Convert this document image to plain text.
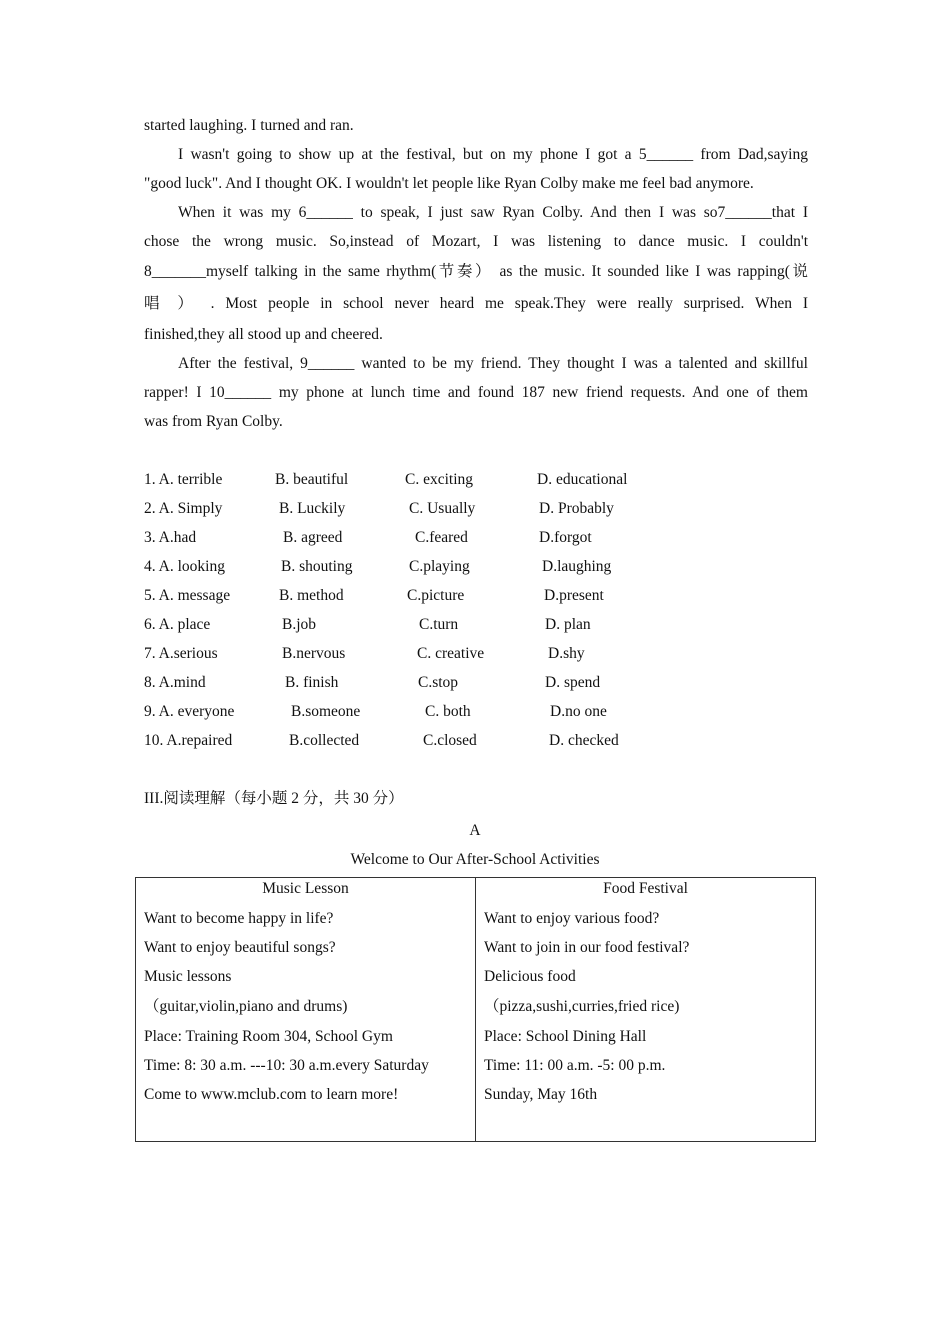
started laughing. I turned and ran.
I wasn't going to show up at the festival, but on my phone I got a 5______ from Dad,saying
"good luck". And I thought OK. I wouldn't let people like Ryan Colby make me feel bad anymore.
When it was my 6______ to speak, I just saw Ryan Colby. And then I was so7______that I
chose the wrong music. So,instead of Mozart, I was listening to dance music. I couldn't
8_______myself talking in the same rhythm(节奏） as the music. It sounded like I was rapping(说
唱 ） . Most people in school never heard me speak.They were really surprised. When I
finished,they all stood up and cheered.
After the festival, 9______ wanted to be my friend. They thought I was a talented and skillful
rapper! I 10______ my phone at lunch time and found 187 new friend requests. And one of them
was from Ryan Colby.
1. A. terrible	B. beautiful	C. exciting	D. educational
2. A. Simply	B. Luckily	C. Usually	D. Probably
3. A.had	B. agreed	C.feared	D.forgot
4. A. looking	B. shouting	C.playing	D.laughing
5. A. message	B. method	C.picture	D.present
6. A. place	B.job	C.turn	D. plan
7. A.serious	B.nervous	C. creative	D.shy
8. A.mind	B. finish	C.stop	D. spend
9. A. everyone	B.someone	C. both	D.no one
10. A.repaired	B.collected	C.closed	D. checked
III.阅读理解（每小题 2 分，共 30 分）
A
Welcome to Our After-School Activities
Music Lesson
Want to become happy in life?
Want to enjoy beautiful songs?
Music lessons
（guitar,violin,piano and drums)
Place: Training Room 304, School Gym
Time: 8: 30 a.m. ---10: 30 a.m.every Saturday
Come to www.mclub.com to learn more!

Food Festival
Want to enjoy various food?
Want to join in our food festival?
Delicious food
（pizza,sushi,curries,fried rice)
Place: School Dining Hall
Time: 11: 00 a.m. -5: 00 p.m.
Sunday, May 16th
